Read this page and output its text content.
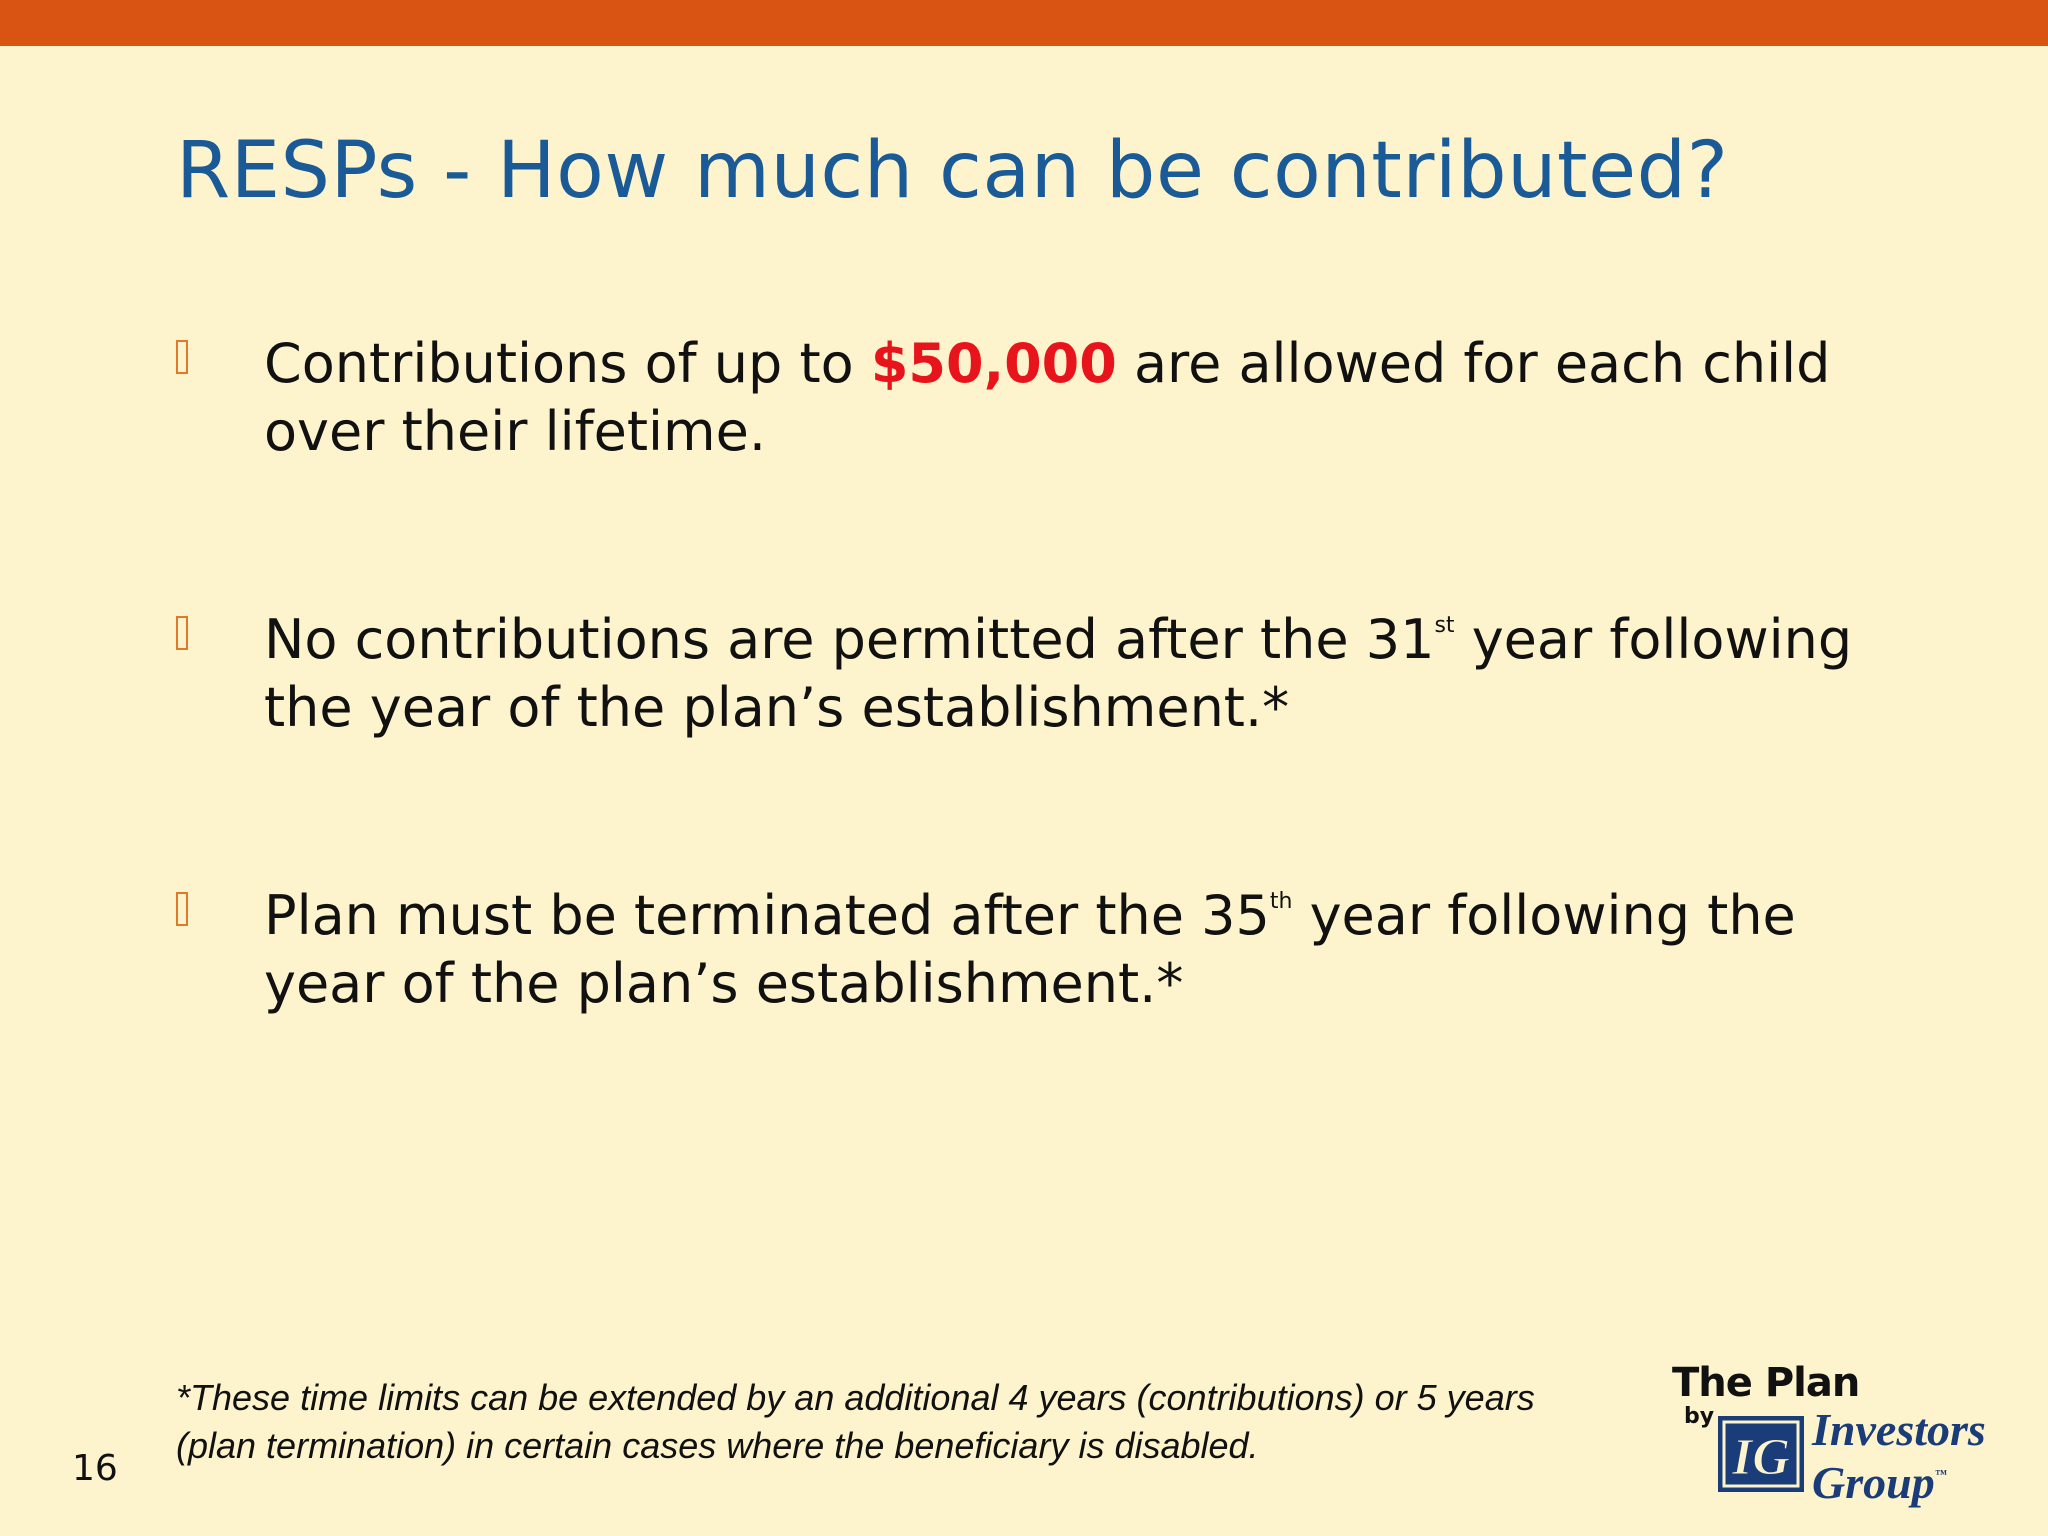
RESPs - How much can be contributed?
Contributions of up to $50,000 are allowed for each child over their lifetime.
No contributions are permitted after the 31st year following the year of the plan’s establishment.*
Plan must be terminated after the 35th year following the year of the plan’s establishment.*
*These time limits can be extended by an additional 4 years (contributions) or 5 years (plan termination) in certain cases where the beneficiary is disabled.
16
The Plan
by
IG Investors
Group™
